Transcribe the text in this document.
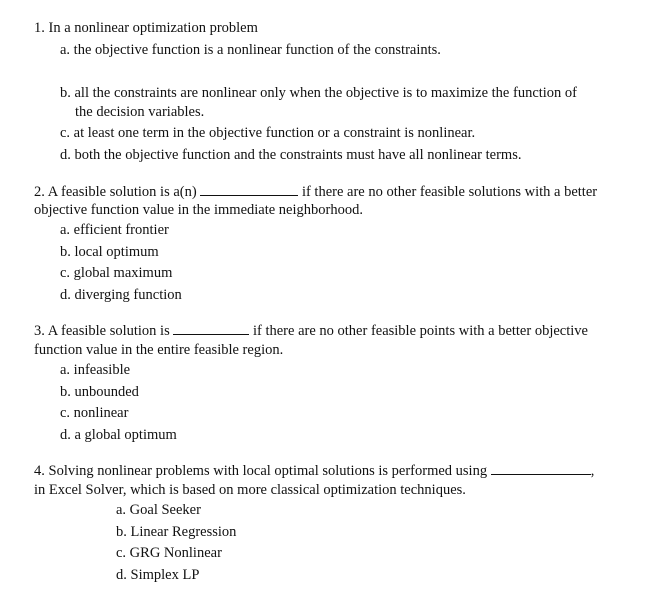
1. In a nonlinear optimization problem
a. the objective function is a nonlinear function of the constraints.
b. all the constraints are nonlinear only when the objective is to maximize the function of
the decision variables.
c. at least one term in the objective function or a constraint is nonlinear.
d. both the objective function and the constraints must have all nonlinear terms.
2. A feasible solution is a(n)	if there are no other feasible solutions with a better
objective function value in the immediate neighborhood.
a. efficient frontier
b. local optimum
c. global maximum
d. diverging function
3. A feasible solution is	if there are no other feasible points with a better objective
function value in the entire feasible region.
a. infeasible
b. unbounded
c. nonlinear
d. a global optimum
4. Solving nonlinear problems with local optimal solutions is performed using	,
in Excel Solver, which is based on more classical optimization techniques.
a. Goal Seeker
b. Linear Regression
c. GRG Nonlinear
d. Simplex LP
